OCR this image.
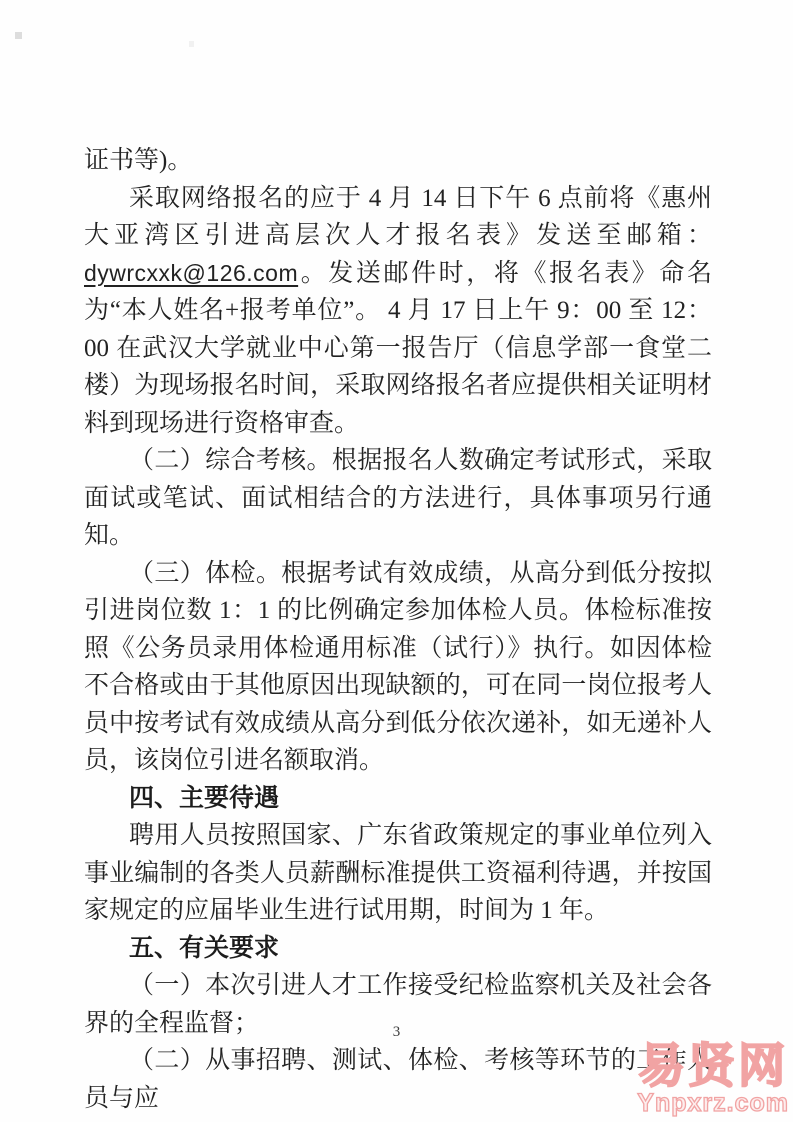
证书等)。

采取网络报名的应于 4 月 14 日下午 6 点前将《惠州大亚湾区引进高层次人才报名表》发送至邮箱：dywrcxxk@126.com。发送邮件时，将《报名表》命名为“本人姓名+报考单位”。 4 月 17 日上午 9：00 至 12：00 在武汉大学就业中心第一报告厅（信息学部一食堂二楼）为现场报名时间，采取网络报名者应提供相关证明材料到现场进行资格审查。

（二）综合考核。根据报名人数确定考试形式，采取面试或笔试、面试相结合的方法进行，具体事项另行通知。

（三）体检。根据考试有效成绩，从高分到低分按拟引进岗位数 1：1 的比例确定参加体检人员。体检标准按照《公务员录用体检通用标准（试行）》执行。如因体检不合格或由于其他原因出现缺额的，可在同一岗位报考人员中按考试有效成绩从高分到低分依次递补，如无递补人员，该岗位引进名额取消。

四、主要待遇

聘用人员按照国家、广东省政策规定的事业单位列入事业编制的各类人员薪酬标准提供工资福利待遇，并按国家规定的应届毕业生进行试用期，时间为 1 年。

五、有关要求

（一）本次引进人才工作接受纪检监察机关及社会各界的全程监督；

（二）从事招聘、测试、体检、考核等环节的工作人员与应

3
易贤网
Ynpxrz.com
